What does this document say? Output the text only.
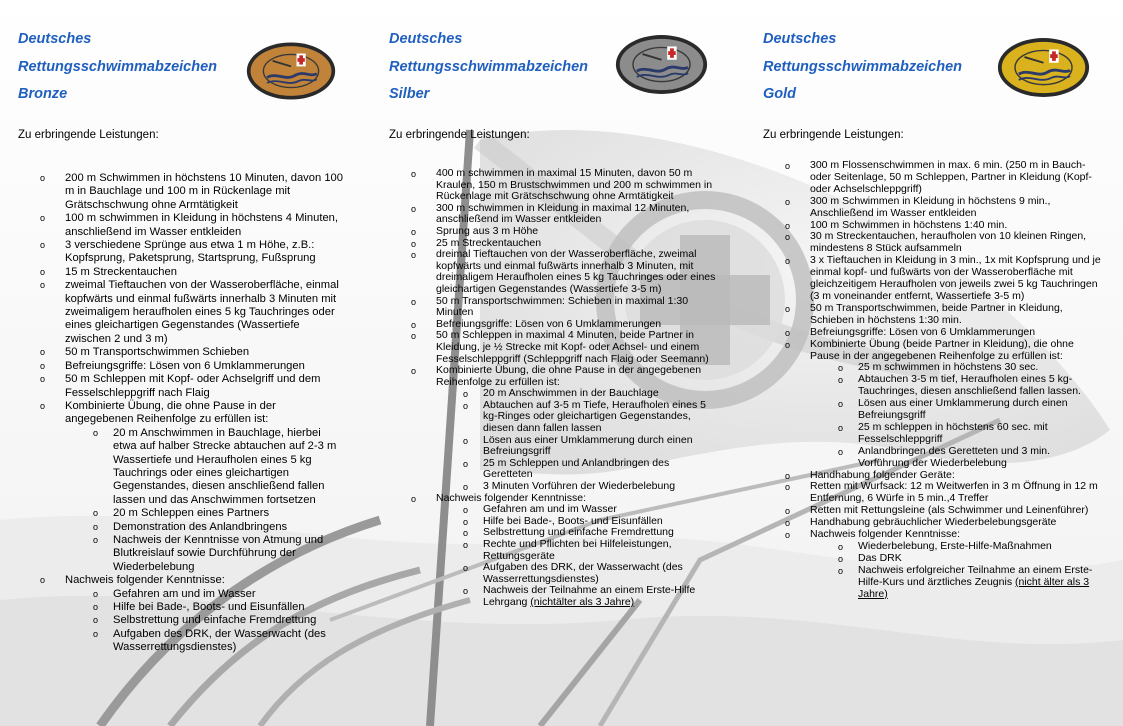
Deutsches
Rettungsschwimmabzeichen
Bronze
Zu erbringende Leistungen:
o 200 m Schwimmen in höchstens 10 Minuten, davon 100 m in Bauchlage und 100 m in Rückenlage mit Grätschschwung ohne Armtätigkeit
o 100 m schwimmen in Kleidung in höchstens 4 Minuten, anschließend im Wasser entkleiden
o 3 verschiedene Sprünge aus etwa 1 m Höhe, z.B.: Kopfsprung, Paketsprung, Startsprung, Fußsprung
o 15 m Streckentauchen
o zweimal Tieftauchen von der Wasseroberfläche, einmal kopfwärts und einmal fußwärts innerhalb 3 Minuten mit zweimaligem heraufholen eines 5 kg Tauchringes oder eines gleichartigen Gegenstandes (Wassertiefe zwischen 2 und 3 m)
o 50 m Transportschwimmen Schieben
o Befreiungsgriffe: Lösen von 6 Umklammerungen
o 50 m Schleppen mit Kopf- oder Achselgriff und dem Fesselschleppgriff nach Flaig
o Kombinierte Übung, die ohne Pause in der angegebenen Reihenfolge zu erfüllen ist:
o 20 m Anschwimmen in Bauchlage, hierbei etwa auf halber Strecke abtauchen auf 2-3 m Wassertiefe und Heraufholen eines 5 kg Tauchrings oder eines gleichartigen Gegenstandes, diesen anschließend fallen lassen und das Anschwimmen fortsetzen
o 20 m Schleppen eines Partners
o Demonstration des Anlandbringens
o Nachweis der Kenntnisse von Atmung und Blutkreislauf sowie Durchführung der Wiederbelebung
o Nachweis folgender Kenntnisse:
o Gefahren am und im Wasser
o Hilfe bei Bade-, Boots- und Eisunfällen
o Selbstrettung und einfache Fremdrettung
o Aufgaben des DRK, der Wasserwacht (des Wasserrettungsdienstes)
Deutsches
Rettungsschwimmabzeichen
Silber
Zu erbringende Leistungen:
o 400 m schwimmen in maximal 15 Minuten, davon 50 m Kraulen, 150 m Brustschwimmen und 200 m schwimmen in Rückenlage mit Grätschschwung ohne Armtätigkeit
o 300 m schwimmen in Kleidung in maximal 12 Minuten, anschließend im Wasser entkleiden
o Sprung aus 3 m Höhe
o 25 m Streckentauchen
o dreimal Tieftauchen von der Wasseroberfläche, zweimal kopfwärts und einmal fußwärts innerhalb 3 Minuten, mit dreimaligem Heraufholen eines 5 kg Tauchringes oder eines gleichartigen Gegenstandes (Wassertiefe 3-5 m)
o 50 m Transportschwimmen: Schieben in maximal 1:30 Minuten
o Befreiungsgriffe: Lösen von 6 Umklammerungen
o 50 m Schleppen in maximal 4 Minuten, beide Partner in Kleidung, je ½ Strecke mit Kopf- oder Achsel- und einem Fesselschleppgriff (Schleppgriff nach Flaig oder Seemann)
o Kombinierte Übung, die ohne Pause in der angegebenen Reihenfolge zu erfüllen ist:
o 20 m Anschwimmen in der Bauchlage
o Abtauchen auf 3-5 m Tiefe, Heraufholen eines 5 kg-Ringes oder gleichartigen Gegenstandes, diesen dann fallen lassen
o Lösen aus einer Umklammerung durch einen Befreiungsgriff
o 25 m Schleppen und Anlandbringen des Geretteten
o 3 Minuten Vorführen der Wiederbelebung
o Nachweis folgender Kenntnisse:
o Gefahren am und im Wasser
o Hilfe bei Bade-, Boots- und Eisunfällen
o Selbstrettung und einfache Fremdrettung
o Rechte und Pflichten bei Hilfeleistungen, Rettungsgeräte
o Aufgaben des DRK, der Wasserwacht (des Wasserrettungsdienstes)
o Nachweis der Teilnahme an einem Erste-Hilfe Lehrgang (nichtälter als 3 Jahre)
Deutsches
Rettungsschwimmabzeichen
Gold
Zu erbringende Leistungen:
o 300 m Flossenschwimmen in max. 6 min. (250 m in Bauch- oder Seitenlage, 50 m Schleppen, Partner in Kleidung (Kopf- oder Achselschleppgriff)
o 300 m Schwimmen in Kleidung in höchstens 9 min., Anschließend im Wasser entkleiden
o 100 m Schwimmen in höchstens 1:40 min.
o 30 m Streckentauchen, heraufholen von 10 kleinen Ringen, mindestens 8 Stück aufsammeln
o 3 x Tieftauchen in Kleidung in 3 min., 1x mit Kopfsprung und je einmal kopf- und fußwärts von der Wasseroberfläche mit gleichzeitigem Heraufholen von jeweils zwei 5 kg Tauchringen (3 m voneinander entfernt, Wassertiefe 3-5 m)
o 50 m Transportschwimmen, beide Partner in Kleidung, Schieben in höchstens 1:30 min.
o Befreiungsgriffe: Lösen von 6 Umklammerungen
o Kombinierte Übung (beide Partner in Kleidung), die ohne Pause in der angegebenen Reihenfolge zu erfüllen ist:
o 25 m schwimmen in höchstens 30 sec.
o Abtauchen 3-5 m tief, Heraufholen eines 5 kg-Tauchringes, diesen anschließend fallen lassen.
o Lösen aus einer Umklammerung durch einen Befreiungsgriff
o 25 m schleppen in höchstens 60 sec. mit Fesselschleppgriff
o Anlandbringen des Geretteten und 3 min. Vorführung der Wiederbelebung
o Handhabung folgender Geräte:
o Retten mit Wurfsack: 12 m Weitwerfen in 3 m Öffnung in 12 m Entfernung, 6 Würfe in 5 min.,4 Treffer
o Retten mit Rettungsleine (als Schwimmer und Leinenführer)
o Handhabung gebräuchlicher Wiederbelebungsgeräte
o Nachweis folgender Kenntnisse:
o Wiederbelebung, Erste-Hilfe-Maßnahmen
o Das DRK
o Nachweis erfolgreicher Teilnahme an einem Erste-Hilfe-Kurs und ärztliches Zeugnis (nicht älter als 3 Jahre)
